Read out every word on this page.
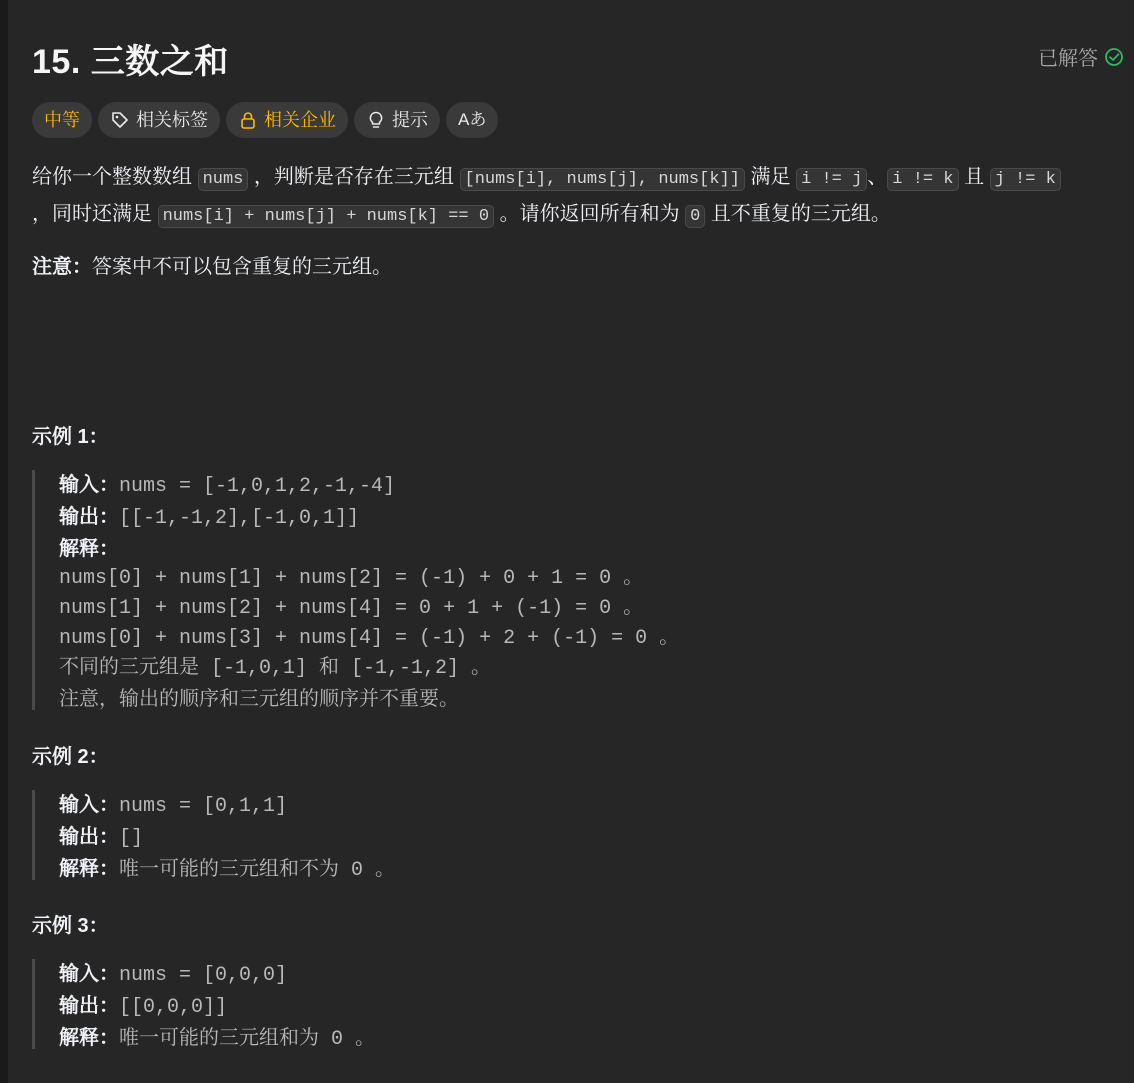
15. 三数之和	已解答
中等	相关标签	相关企业	提示 Aあ
给你一个整数数组 nums ，判断是否存在三元组 [nums[i], nums[j], nums[k]] 满足 i != j 、 i != k 且 j != k
，同时还满足 nums[i] + nums[j] + nums[k] == 0 。请你返回所有和为 0 且不重复的三元组。
注意：答案中不可以包含重复的三元组。
示例 1：
输入：nums = [-1,0,1,2,-1,-4]
输出：[[-1,-1,2],[-1,0,1]]
解释：
nums[0] + nums[1] + nums[2] = (-1) + 0 + 1 = 0 。
nums[1] + nums[2] + nums[4] = 0 + 1 + (-1) = 0 。
nums[0] + nums[3] + nums[4] = (-1) + 2 + (-1) = 0 。
不同的三元组是 [-1,0,1] 和 [-1,-1,2] 。
注意，输出的顺序和三元组的顺序并不重要。
示例 2：
输入：nums = [0,1,1]
输出：[]
解释：唯一可能的三元组和不为 0 。
示例 3：
输入：nums = [0,0,0]
输出：[[0,0,0]]
解释：唯一可能的三元组和为 0 。
